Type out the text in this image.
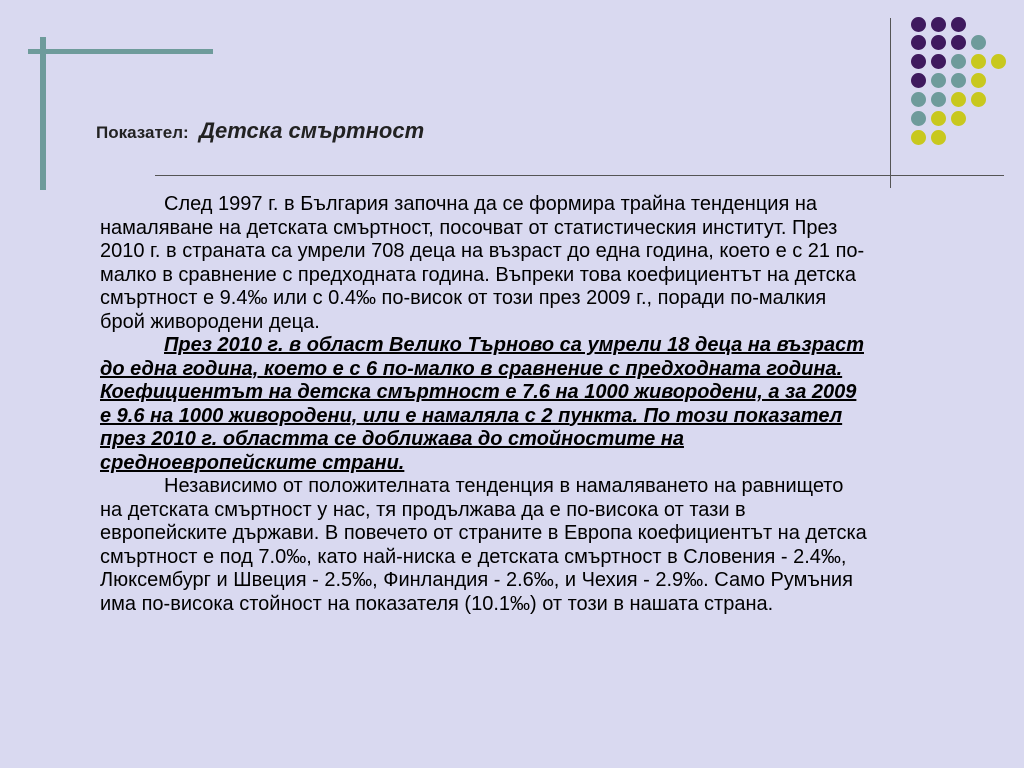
Показател: Детска смъртност

След 1997 г. в България започна да се формира трайна тенденция на намаляване на детската смъртност, посочват от статистическия институт. През 2010 г. в страната са умрели 708 деца на възраст до една година, което е с 21 по-малко в сравнение с предходната година. Въпреки това коефициентът на детска смъртност е 9.4‰ или с 0.4‰ по-висок от този през 2009 г., поради по-малкия брой живородени деца.

През 2010 г. в област Велико Търново са умрели 18 деца на възраст до една година, което е с 6 по-малко в сравнение с предходната година. Коефициентът на детска смъртност е 7.6 на 1000 живородени, а за 2009 е 9.6 на 1000 живородени, или е намаляла с 2 пункта. По този показател през 2010 г. областта се доближава до стойностите на средноевропейските страни.

Независимо от положителната тенденция в намаляването на равнището на детската смъртност у нас, тя продължава да е по-висока от тази в европейските държави. В повечето от страните в Европа коефициентът на детска смъртност е под 7.0‰, като най-ниска е детската смъртност в Словения - 2.4‰, Люксембург и Швеция - 2.5‰, Финландия - 2.6‰, и Чехия - 2.9‰. Само Румъния има по-висока стойност на показателя (10.1‰) от този в нашата страна.
